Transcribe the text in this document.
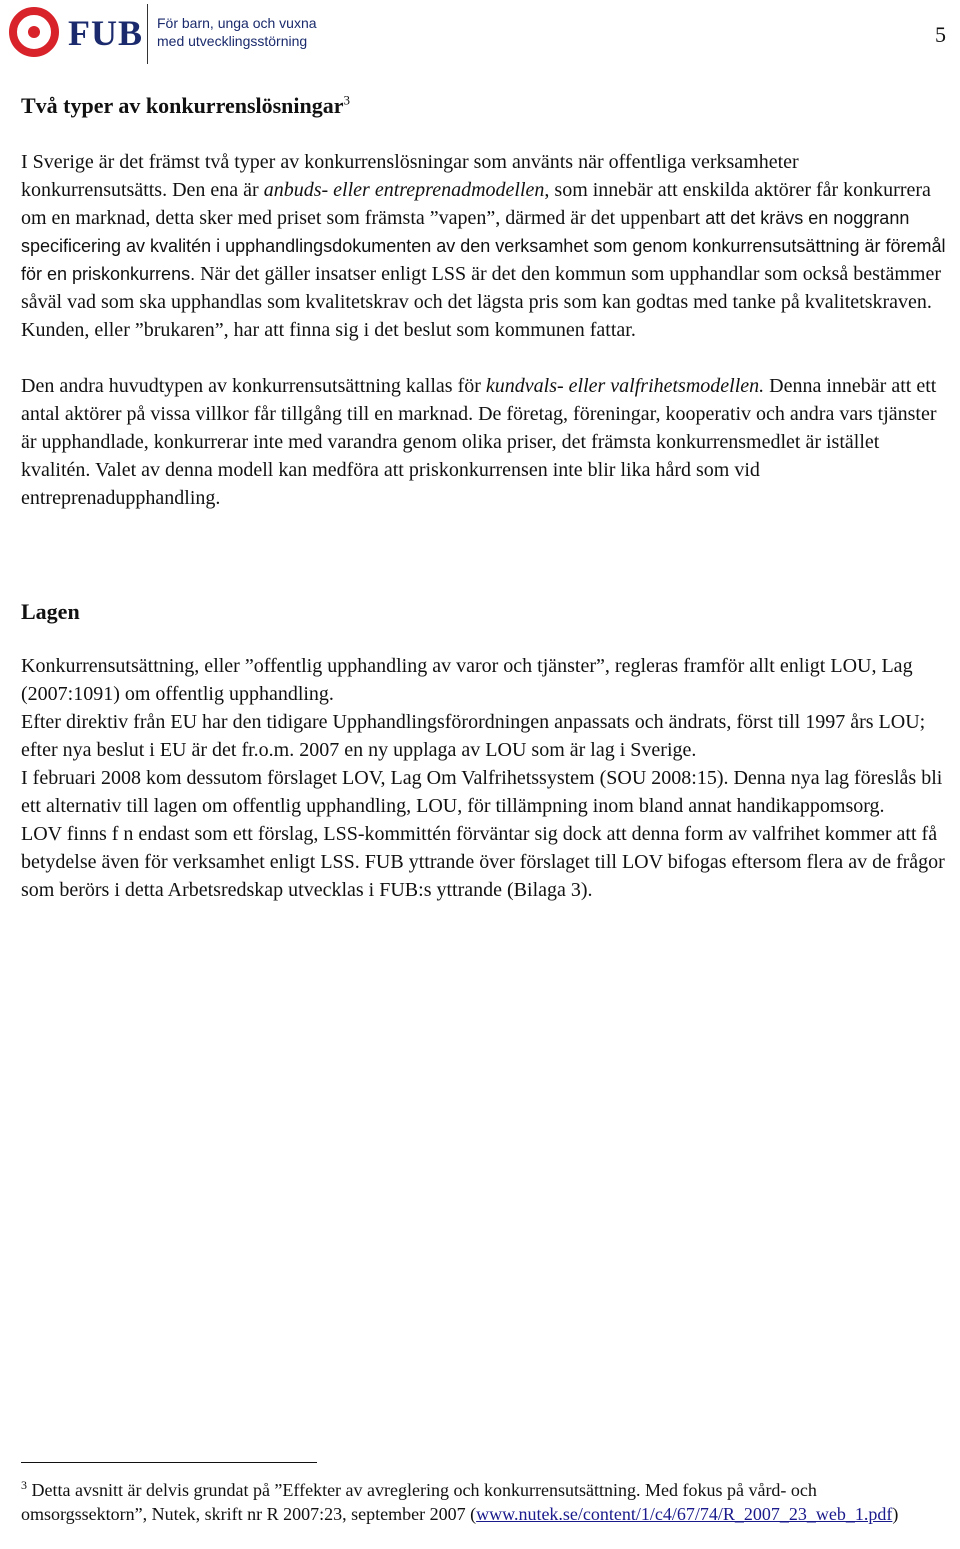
FUB För barn, unga och vuxna
med utvecklingsstörning	5
Två typer av konkurrenslösningar$^3$

I Sverige är det främst två typer av konkurrenslösningar som använts när offentliga verksamheter konkurrensutsätts. Den ena är anbuds- eller entreprenadmodellen, som innebär att enskilda aktörer får konkurrera om en marknad, detta sker med priset som främsta ”vapen”, därmed är det uppenbart att det krävs en noggrann specificering av kvalitén i upphandlingsdokumenten av den verksamhet som genom konkurrensutsättning är föremål för en priskonkurrens. När det gäller insatser enligt LSS är det den kommun som upphandlar som också bestämmer såväl vad som ska upphandlas som kvalitetskrav och det lägsta pris som kan godtas med tanke på kvalitetskraven. Kunden, eller ”brukaren”, har att finna sig i det beslut som kommunen fattar.

Den andra huvudtypen av konkurrensutsättning kallas för kundvals- eller valfrihetsmodellen. Denna innebär att ett antal aktörer på vissa villkor får tillgång till en marknad. De företag, föreningar, kooperativ och andra vars tjänster är upphandlade, konkurrerar inte med varandra genom olika priser, det främsta konkurrensmedlet är istället kvalitén. Valet av denna modell kan medföra att priskonkurrensen inte blir lika hård som vid entreprenadupphandling.

Lagen

Konkurrensutsättning, eller ”offentlig upphandling av varor och tjänster”, regleras framför allt enligt LOU, Lag (2007:1091) om offentlig upphandling.

Efter direktiv från EU har den tidigare Upphandlingsförordningen anpassats och ändrats, först till 1997 års LOU; efter nya beslut i EU är det fr.o.m. 2007 en ny upplaga av LOU som är lag i Sverige.

I februari 2008 kom dessutom förslaget LOV, Lag Om Valfrihetssystem (SOU 2008:15). Denna nya lag föreslås bli ett alternativ till lagen om offentlig upphandling, LOU, för tillämpning inom bland annat handikappomsorg.

LOV finns f n endast som ett förslag, LSS-kommittén förväntar sig dock att denna form av valfrihet kommer att få betydelse även för verksamhet enligt LSS. FUB yttrande över förslaget till LOV bifogas eftersom flera av de frågor som berörs i detta Arbetsredskap utvecklas i FUB:s yttrande (Bilaga 3).

$^3$ Detta avsnitt är delvis grundat på ”Effekter av avreglering och konkurrensutsättning. Med fokus på vård- och omsorgssektorn”, Nutek, skrift nr R 2007:23, september 2007 (www.nutek.se/content/1/c4/67/74/R_2007_23_web_1.pdf)
